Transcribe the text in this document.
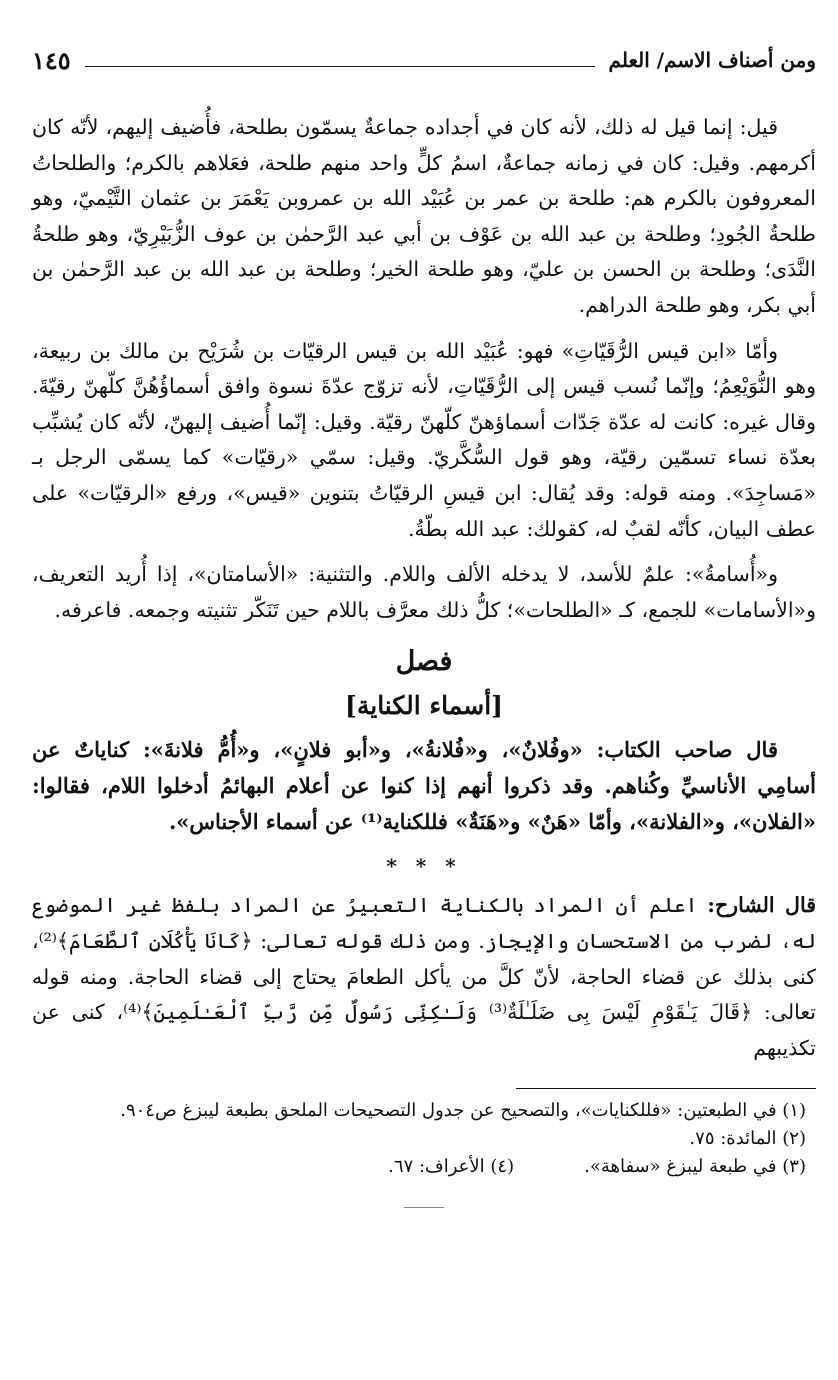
ومن أصناف الاسم/ العلم
١٤٥

قيل: إنما قيل له ذلك، لأنه كان في أجداده جماعةٌ يسمّون بطلحة، فأُضيف إليهم، لأنّه كان أكرمهم. وقيل: كان في زمانه جماعةٌ، اسمُ كلٍّ واحد منهم طلحة، فعَلاهم بالكرم؛ والطلحاتُ المعروفون بالكرم هم: طلحة بن عمر بن عُبَيْد الله بن عمروبن يَعْمَرَ بن عثمان التَّيْميّ، وهو طلحةُ الجُودِ؛ وطلحة بن عبد الله بن عَوْف بن أبي عبد الرَّحمٰن بن عوف الزُّبَيْرِيّ، وهو طلحةُ النَّدَى؛ وطلحة بن الحسن بن عليّ، وهو طلحة الخير؛ وطلحة بن عبد الله بن عبد الرَّحمٰن بن أبي بكر، وهو طلحة الدراهم.

وأمّا «ابن قيس الرُّقَيّاتِ» فهو: عُبَيْد الله بن قيس الرقيّات بن شُرَيْح بن مالك بن ربيعة، وهو النُّوَيْعِمُ؛ وإنّما نُسب قيس إلى الرُّقَيّاتِ، لأنه تزوّج عدّةَ نسوة وافق أسماؤُهُنَّ كلّهنّ رقيّةَ. وقال غيره: كانت له عدّة جَدّات أسماؤهنّ كلّهنّ رقيّة. وقيل: إنّما أُضيف إليهنّ، لأنّه كان يُشبِّب بعدّة نساء تسمّين رقيّة، وهو قول السُّكَّريّ. وقيل: سمّي «رقيّات» كما يسمّى الرجل بـ «مَساجِدَ». ومنه قوله: وقد يُقال: ابن قيسِ الرقيّاتُ بتنوين «قيس»، ورفع «الرقيّات» على عطف البيان، كأنّه لقبٌ له، كقولك: عبد الله بطّةُ.

و«أُسامةُ»: علمٌ للأسد، لا يدخله الألف واللام. والتثنية: «الأسامتان»، إذا أُريد التعريف، و«الأسامات» للجمع، كـ «الطلحات»؛ كلُّ ذلك معرَّف باللام حين تَنَكّر تثنيته وجمعه. فاعرفه.

فصل
[أسماء الكناية]

قال صاحب الكتاب: «وفُلانٌ»، و«فُلانةُ»، و«أبو فلانٍ»، و«أُمُّ فلانةَ»: كناياتٌ عن أسامِي الأناسيِّ وكُناهم. وقد ذكروا أنهم إذا كنوا عن أعلام البهائمُ أدخلوا اللام، فقالوا: «الفلان»، و«الفلانة»، وأمّا «هَنٌ» و«هَنَةٌ» فللكناية⁽¹⁾ عن أسماء الأجناس».

* * *

قال الشارح: اعلم أن المراد بالكناية التعبيرُ عن المراد بلفظ غير الموضوع له، لضرب من الاستحسان والإيجاز. ومن ذلك قوله تعالى: ﴿كَانَا يَأْكُلَانِ ٱلطَّعَامَ﴾⁽²⁾، كنى بذلك عن قضاء الحاجة، لأنّ كلَّ من يأكل الطعامَ يحتاج إلى قضاء الحاجة. ومنه قوله تعالى: ﴿قَالَ يَـٰقَوْمِ لَيْسَ بِى ضَلَـٰلَةٌ⁽³⁾ وَلَـٰكِنِّى رَسُولٌ مِّن رَّبِّ ٱلْعَـٰلَمِينَ﴾⁽⁴⁾، كنى عن تكذيبهم

(١) في الطبعتين: «فللكنايات»، والتصحيح عن جدول التصحيحات الملحق بطبعة ليبزغ ص٩٠٤.
(٢) المائدة: ٧٥.
(٣) في طبعة ليبزغ «سفاهة».
(٤) الأعراف: ٦٧.
